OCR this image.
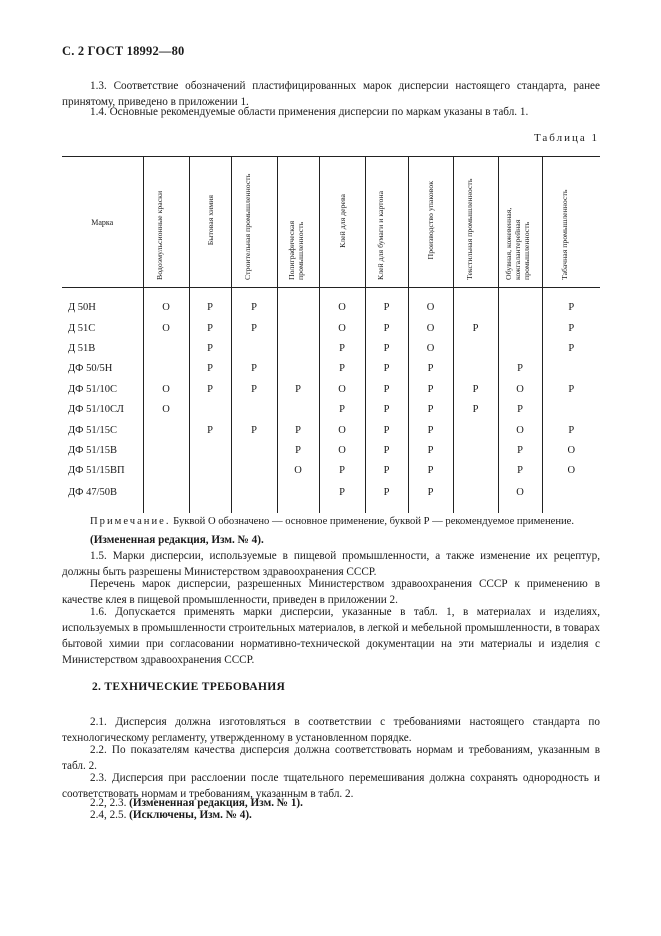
С. 2 ГОСТ 18992—80

1.3. Соответствие обозначений пластифицированных марок дисперсии настоящего стандарта, ранее принятому, приведено в приложении 1.

1.4. Основные рекомендуемые области применения дисперсии по маркам указаны в табл. 1.

Таблица 1
Марка	Водоэмульсионные краски	Бытовая химия	Строительная промышленность	Полиграфическая промышленность	Клей для дерева	Клей для бумаги и картона	Производство упаковок	Текстильная промышленность	Обувная, кожевенная, кожгалантерейная промышленность	Табачная промышленность
Д 50Н	О	Р	Р		О	Р	О			Р
Д 51С	О	Р	Р		О	Р	О	Р		Р
Д 51В		Р			Р	Р	О			Р
ДФ 50/5Н		Р	Р		Р	Р	Р		Р	
ДФ 51/10С	О	Р	Р	Р	О	Р	Р	Р	О	Р
ДФ 51/10СЛ	О				Р	Р	Р	Р	Р	
ДФ 51/15С		Р	Р	Р	О	Р	Р		О	Р
ДФ 51/15В				Р	О	Р	Р		Р	О
ДФ 51/15ВП				О	Р	Р	Р		Р	О
ДФ 47/50В					Р	Р	Р		О	

Примечание. Буквой О обозначено — основное применение, буквой Р — рекомендуемое применение.

(Измененная редакция, Изм. № 4).

1.5. Марки дисперсии, используемые в пищевой промышленности, а также изменение их рецептур, должны быть разрешены Министерством здравоохранения СССР.

Перечень марок дисперсии, разрешенных Министерством здравоохранения СССР к применению в качестве клея в пищевой промышленности, приведен в приложении 2.

1.6. Допускается применять марки дисперсии, указанные в табл. 1, в материалах и изделиях, используемых в промышленности строительных материалов, в легкой и мебельной промышленности, в товарах бытовой химии при согласовании нормативно-технической документации на эти материалы и изделия с Министерством здравоохранения СССР.

2. ТЕХНИЧЕСКИЕ ТРЕБОВАНИЯ

2.1. Дисперсия должна изготовляться в соответствии с требованиями настоящего стандарта по технологическому регламенту, утвержденному в установленном порядке.

2.2. По показателям качества дисперсия должна соответствовать нормам и требованиям, указанным в табл. 2.

2.3. Дисперсия при расслоении после тщательного перемешивания должна сохранять однородность и соответствовать нормам и требованиям, указанным в табл. 2.

2.2, 2.3. (Измененная редакция, Изм. № 1).

2.4, 2.5. (Исключены, Изм. № 4).
